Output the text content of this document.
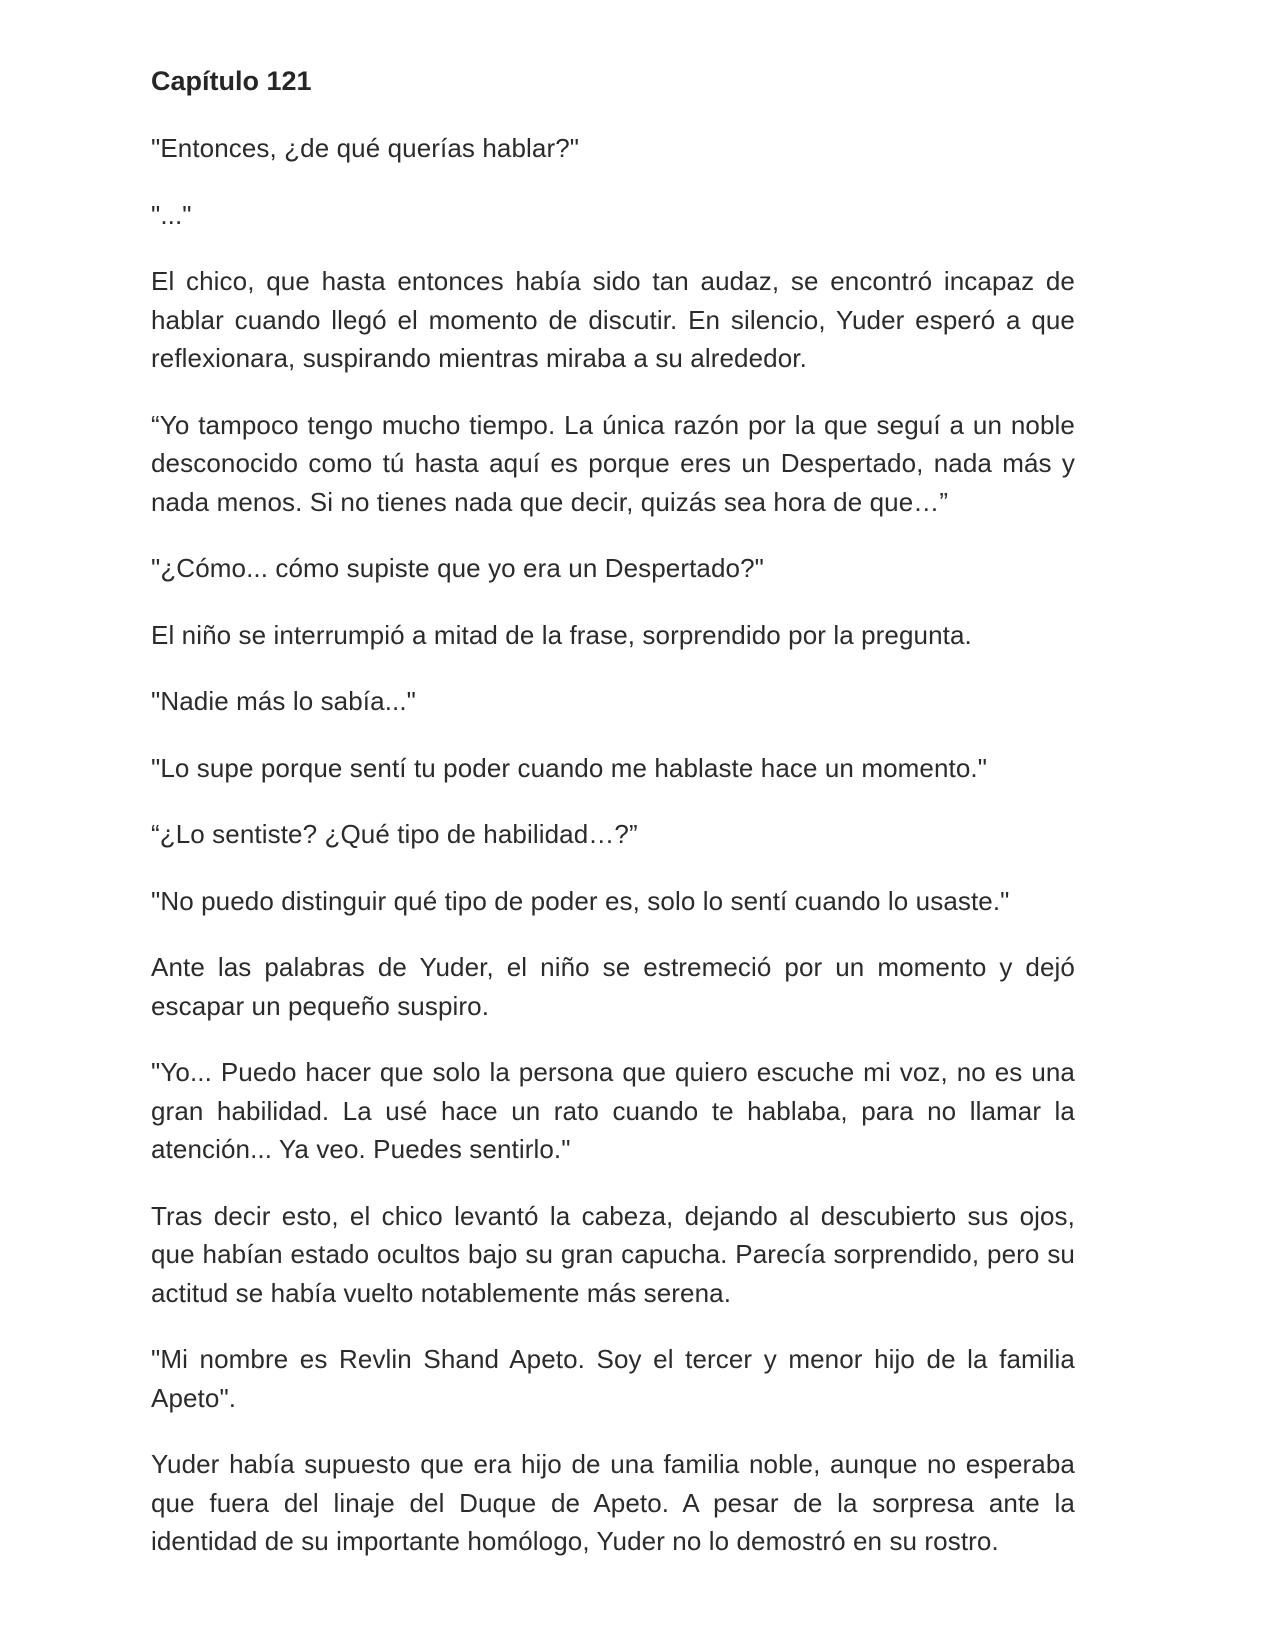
Capítulo 121

"Entonces, ¿de qué querías hablar?"

"..."

El chico, que hasta entonces había sido tan audaz, se encontró incapaz de hablar cuando llegó el momento de discutir. En silencio, Yuder esperó a que reflexionara, suspirando mientras miraba a su alrededor.

“Yo tampoco tengo mucho tiempo. La única razón por la que seguí a un noble desconocido como tú hasta aquí es porque eres un Despertado, nada más y nada menos. Si no tienes nada que decir, quizás sea hora de que…”

"¿Cómo... cómo supiste que yo era un Despertado?"

El niño se interrumpió a mitad de la frase, sorprendido por la pregunta.

"Nadie más lo sabía..."

"Lo supe porque sentí tu poder cuando me hablaste hace un momento."

“¿Lo sentiste? ¿Qué tipo de habilidad…?”

"No puedo distinguir qué tipo de poder es, solo lo sentí cuando lo usaste."

Ante las palabras de Yuder, el niño se estremeció por un momento y dejó escapar un pequeño suspiro.

"Yo... Puedo hacer que solo la persona que quiero escuche mi voz, no es una gran habilidad. La usé hace un rato cuando te hablaba, para no llamar la atención... Ya veo. Puedes sentirlo."

Tras decir esto, el chico levantó la cabeza, dejando al descubierto sus ojos, que habían estado ocultos bajo su gran capucha. Parecía sorprendido, pero su actitud se había vuelto notablemente más serena.

"Mi nombre es Revlin Shand Apeto. Soy el tercer y menor hijo de la familia Apeto".

Yuder había supuesto que era hijo de una familia noble, aunque no esperaba que fuera del linaje del Duque de Apeto. A pesar de la sorpresa ante la identidad de su importante homólogo, Yuder no lo demostró en su rostro.
